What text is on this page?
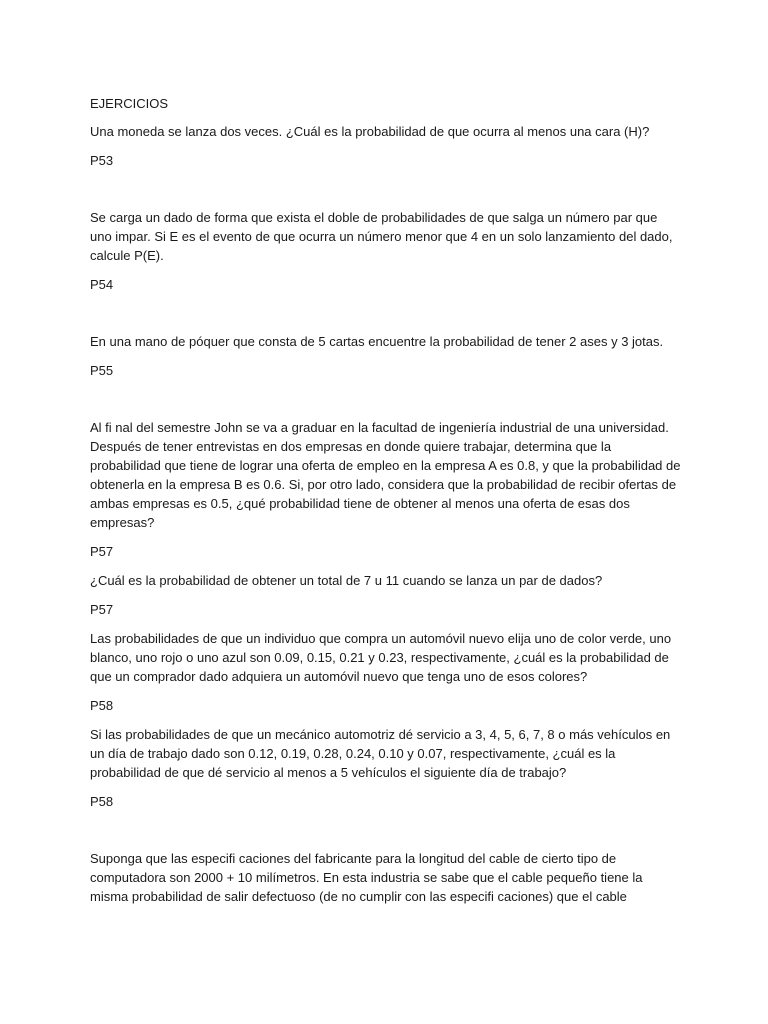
EJERCICIOS
Una moneda se lanza dos veces. ¿Cuál es la probabilidad de que ocurra al menos una cara (H)?
P53
Se carga un dado de forma que exista el doble de probabilidades de que salga un número par que uno impar. Si E es el evento de que ocurra un número menor que 4 en un solo lanzamiento del dado, calcule P(E).
P54
En una mano de póquer que consta de 5 cartas encuentre la probabilidad de tener 2 ases y 3 jotas.
P55
Al fi nal del semestre John se va a graduar en la facultad de ingeniería industrial de una universidad. Después de tener entrevistas en dos empresas en donde quiere trabajar, determina que la probabilidad que tiene de lograr una oferta de empleo en la empresa A es 0.8, y que la probabilidad de obtenerla en la empresa B es 0.6. Si, por otro lado, considera que la probabilidad de recibir ofertas de ambas empresas es 0.5, ¿qué probabilidad tiene de obtener al menos una oferta de esas dos empresas?
P57
¿Cuál es la probabilidad de obtener un total de 7 u 11 cuando se lanza un par de dados?
P57
Las probabilidades de que un individuo que compra un automóvil nuevo elija uno de color verde, uno blanco, uno rojo o uno azul son 0.09, 0.15, 0.21 y 0.23, respectivamente, ¿cuál es la probabilidad de que un comprador dado adquiera un automóvil nuevo que tenga uno de esos colores?
P58
Si las probabilidades de que un mecánico automotriz dé servicio a 3, 4, 5, 6, 7, 8 o más vehículos en un día de trabajo dado son 0.12, 0.19, 0.28, 0.24, 0.10 y 0.07, respectivamente, ¿cuál es la probabilidad de que dé servicio al menos a 5 vehículos el siguiente día de trabajo?
P58
Suponga que las especifi caciones del fabricante para la longitud del cable de cierto tipo de computadora son 2000 + 10 milímetros. En esta industria se sabe que el cable pequeño tiene la misma probabilidad de salir defectuoso (de no cumplir con las especifi caciones) que el cable
